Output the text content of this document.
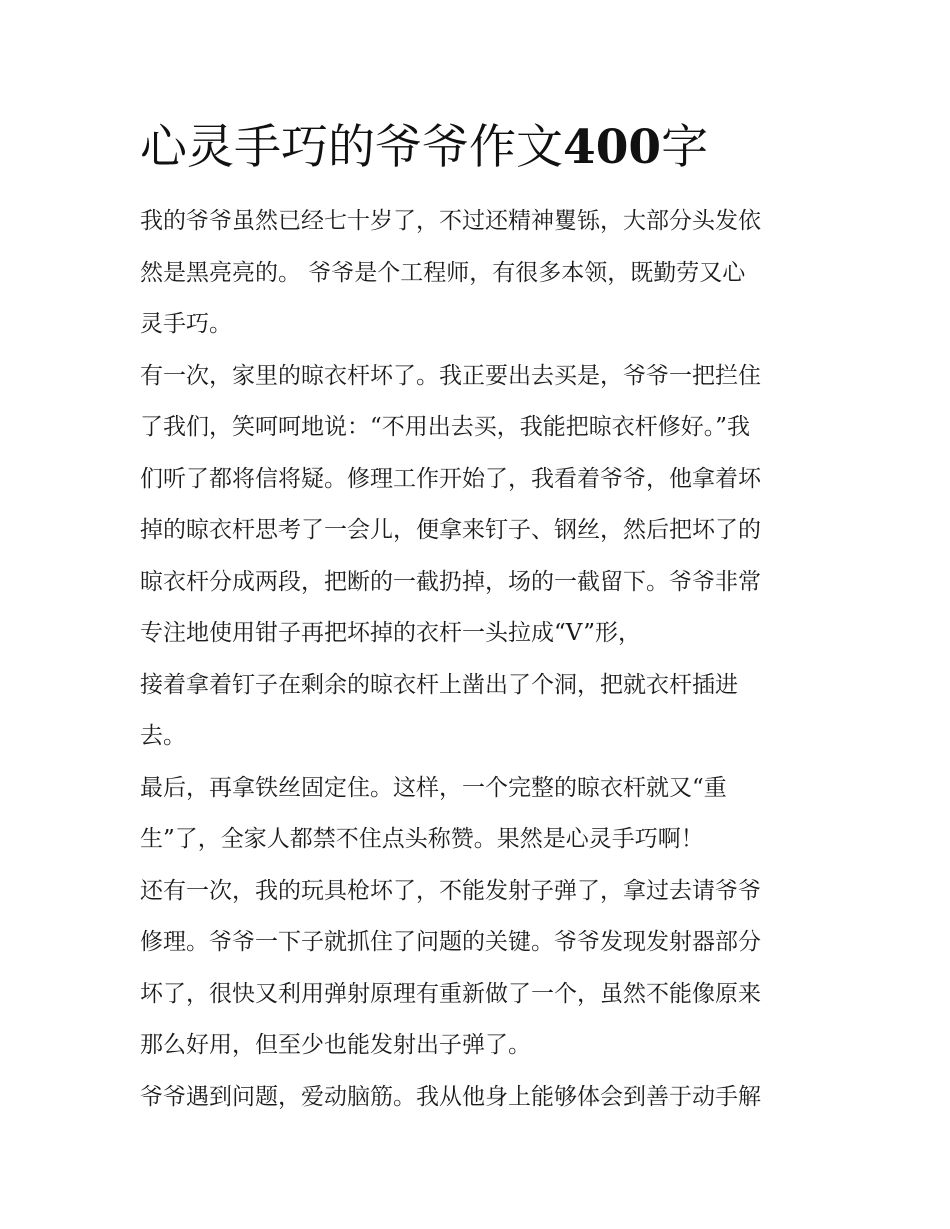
心灵手巧的爷爷作文400字
我的爷爷虽然已经七十岁了，不过还精神矍铄，大部分头发依
然是黑亮亮的。 爷爷是个工程师，有很多本领，既勤劳又心
灵手巧。
有一次，家里的晾衣杆坏了。我正要出去买是，爷爷一把拦住
了我们，笑呵呵地说：“不用出去买，我能把晾衣杆修好。”我
们听了都将信将疑。修理工作开始了，我看着爷爷，他拿着坏
掉的晾衣杆思考了一会儿，便拿来钉子、钢丝，然后把坏了的
晾衣杆分成两段，把断的一截扔掉，场的一截留下。爷爷非常
专注地使用钳子再把坏掉的衣杆一头拉成“V”形，
接着拿着钉子在剩余的晾衣杆上凿出了个洞，把就衣杆插进
去。
最后，再拿铁丝固定住。这样，一个完整的晾衣杆就又“重
生”了，全家人都禁不住点头称赞。果然是心灵手巧啊！
还有一次，我的玩具枪坏了，不能发射子弹了，拿过去请爷爷
修理。爷爷一下子就抓住了问题的关键。爷爷发现发射器部分
坏了，很快又利用弹射原理有重新做了一个，虽然不能像原来
那么好用，但至少也能发射出子弹了。
爷爷遇到问题，爱动脑筋。我从他身上能够体会到善于动手解
